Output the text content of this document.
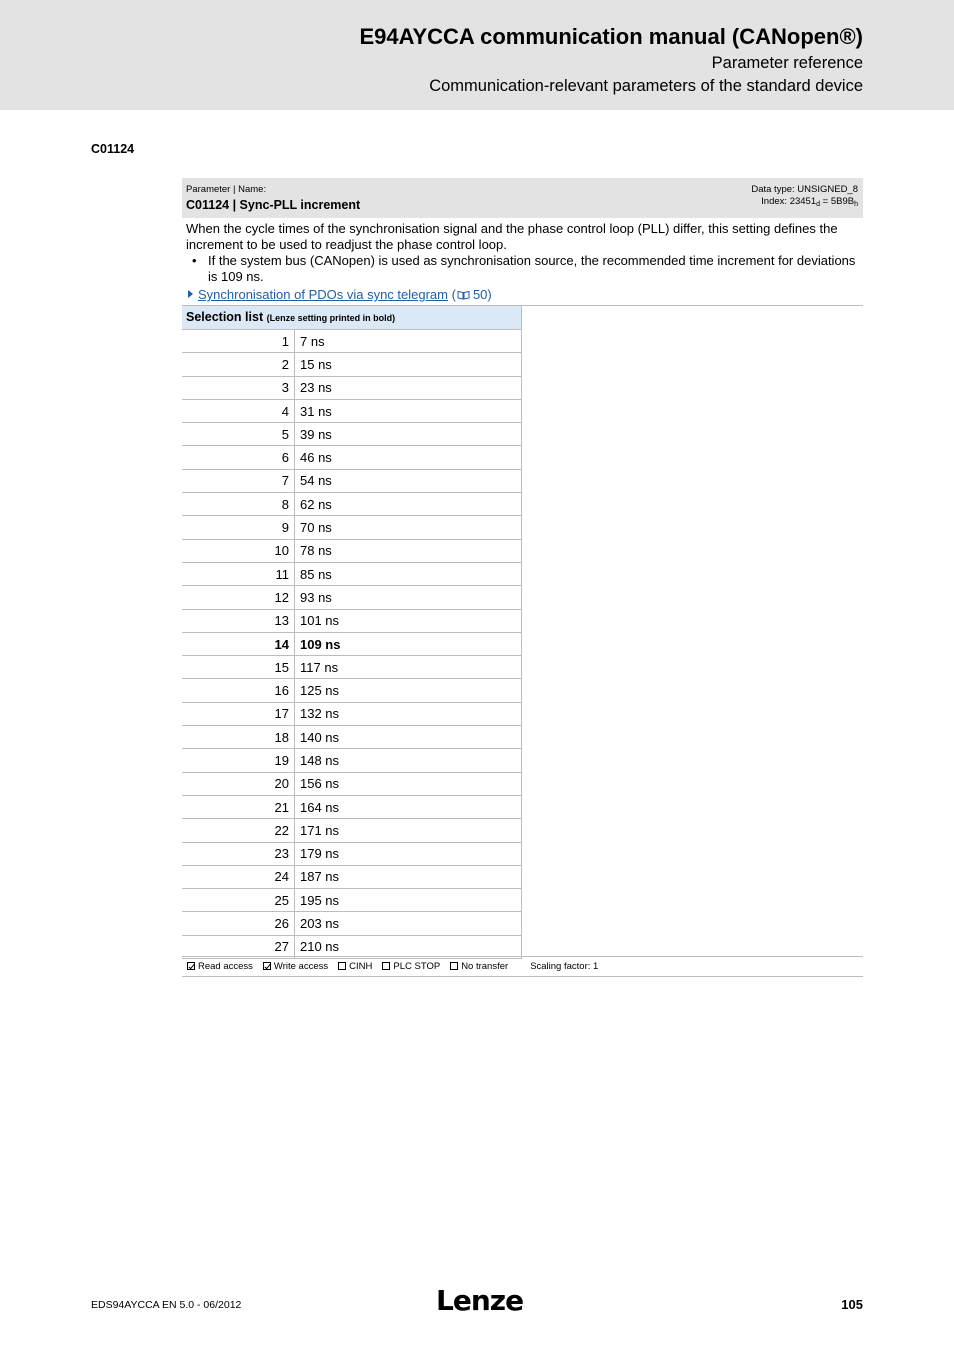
E94AYCCA communication manual (CANopen®)
Parameter reference
Communication-relevant parameters of the standard device
C01124
Parameter | Name:
C01124 | Sync-PLL increment
Data type: UNSIGNED_8
Index: $23451_d = 5B9B_h$
When the cycle times of the synchronisation signal and the phase control loop (PLL) differ, this setting defines the increment to be used to readjust the phase control loop.
• If the system bus (CANopen) is used as synchronisation source, the recommended time increment for deviations is 109 ns.
Synchronisation of PDOs via sync telegram ( 50)
Selection list (Lenze setting printed in bold)
1 7 ns
2 15 ns
3 23 ns
4 31 ns
5 39 ns
6 46 ns
7 54 ns
8 62 ns
9 70 ns
10 78 ns
11 85 ns
12 93 ns
13 101 ns
14 109 ns
15 117 ns
16 125 ns
17 132 ns
18 140 ns
19 148 ns
20 156 ns
21 164 ns
22 171 ns
23 179 ns
24 187 ns
25 195 ns
26 203 ns
27 210 ns
Read access	Write access	CINH	PLC STOP	No transfer Scaling factor: 1
EDS94AYCCA EN 5.0 - 06/2012	Lenze	105
